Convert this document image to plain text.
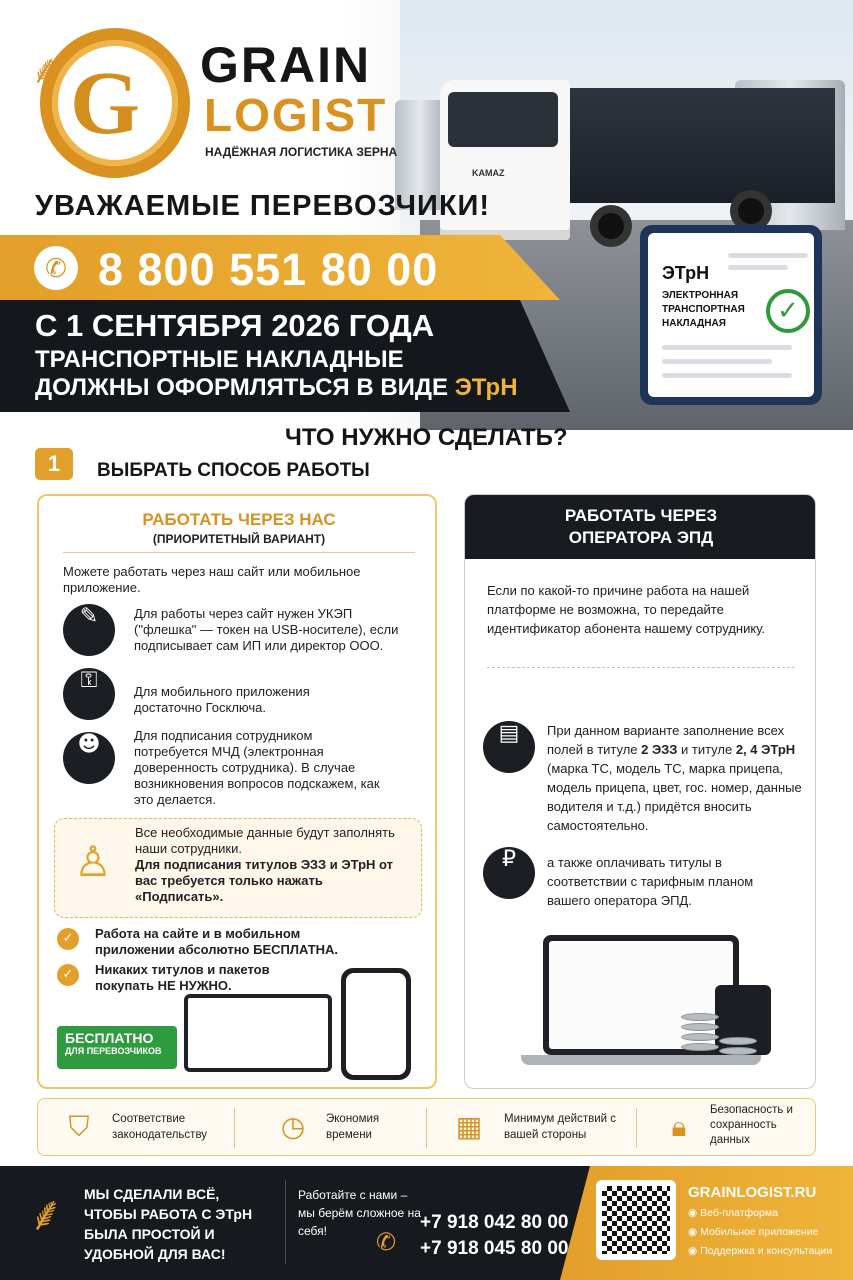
KAMAZ
G
⸙	GRAIN
LOGIST
НАДЁЖНАЯ ЛОГИСТИКА ЗЕРНА
УВАЖАЕМЫЕ ПЕРЕВОЗЧИКИ!
✆ 8 800 551 80 00
С 1 СЕНТЯБРЯ 2026 ГОДА
ТРАНСПОРТНЫЕ НАКЛАДНЫЕ
ДОЛЖНЫ ОФОРМЛЯТЬСЯ В ВИДЕ ЭТрН
ЭТрН
ЭЛЕКТРОННАЯ ТРАНСПОРТНАЯ НАКЛАДНАЯ	✓
ЧТО НУЖНО СДЕЛАТЬ?
1	ВЫБРАТЬ СПОСОБ РАБОТЫ
РАБОТАТЬ ЧЕРЕЗ НАС
(ПРИОРИТЕТНЫЙ ВАРИАНТ)
Можете работать через наш сайт или мобильное приложение.
✎	Для работы через сайт нужен УКЭП ("флешка" — токен на USB-носителе), если подписывает сам ИП или директор ООО.
⚿	Для мобильного приложения достаточно Госключа.
☻	Для подписания сотрудником потребуется МЧД (электронная доверенность сотрудника). В случае возникновения вопросов подскажем, как это делается.
♙
Все необходимые данные будут заполнять наши сотрудники.
Для подписания титулов ЭЗЗ и ЭТрН от вас требуется только нажать «Подписать».
✓	Работа на сайте и в мобильном приложении абсолютно БЕСПЛАТНА.
✓	Никаких титулов и пакетов покупать НЕ НУЖНО.
БЕСПЛАТНО
ДЛЯ ПЕРЕВОЗЧИКОВ
РАБОТАТЬ ЧЕРЕЗ
ОПЕРАТОРА ЭПД
Если по какой-то причине работа на нашей платформе не возможна, то передайте идентификатор абонента нашему сотруднику.
▤	При данном варианте заполнение всех полей в титуле 2 ЭЗЗ и титуле 2, 4 ЭТрН (марка ТС, модель ТС, марка прицепа, модель прицепа, цвет, гос. номер, данные водителя и т.д.) придётся вносить самостоятельно.
₽	а также оплачивать титулы в соответствии с тарифным планом вашего оператора ЭПД.
⛉	Соответствие законодательству	◷	Экономия времени	▦	Минимум действий с вашей стороны	🔒︎	Безопасность и сохранность данных
⸙ МЫ СДЕЛАЛИ ВСЁ, ЧТОБЫ РАБОТА С ЭТрН БЫЛА ПРОСТОЙ И УДОБНОЙ ДЛЯ ВАС!
Работайте с нами – мы берём сложное на себя!	✆
+7 918 042 80 00
+7 918 045 80 00
GRAINLOGIST.RU
◉ Веб-платформа
◉ Мобильное приложение
◉ Поддержка и консультации
